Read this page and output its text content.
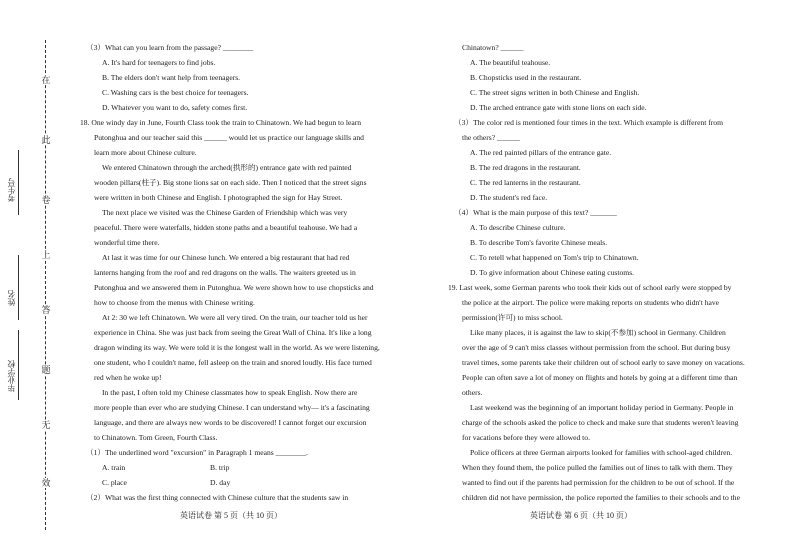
在
此
卷
上
答
题
无
效
考生号
姓名
毕业学校

（3）What can you learn from the passage? ________

A. It's hard for teenagers to find jobs.

B. The elders don't want help from teenagers.

C. Washing cars is the best choice for teenagers.

D. Whatever you want to do, safety comes first.

18. One windy day in June, Fourth Class took the train to Chinatown. We had begun to learn

Putonghua and our teacher said this ______ would let us practice our language skills and

learn more about Chinese culture.

We entered Chinatown through the arched(拱形的) entrance gate with red painted

wooden pillars(柱子). Big stone lions sat on each side. Then I noticed that the street signs

were written in both Chinese and English. I photographed the sign for Hay Street.

The next place we visited was the Chinese Garden of Friendship which was very

peaceful. There were waterfalls, hidden stone paths and a beautiful teahouse. We had a

wonderful time there.

At last it was time for our Chinese lunch. We entered a big restaurant that had red

lanterns hanging from the roof and red dragons on the walls. The waiters greeted us in

Putonghua and we answered them in Putonghua. We were shown how to use chopsticks and

how to choose from the menus with Chinese writing.

At 2: 30 we left Chinatown. We were all very tired. On the train, our teacher told us her

experience in China. She was just back from seeing the Great Wall of China. It's like a long

dragon winding its way. We were told it is the longest wall in the world. As we were listening,

one student, who I couldn't name, fell asleep on the train and snored loudly. His face turned

red when he woke up!

In the past, I often told my Chinese classmates how to speak English. Now there are

more people than ever who are studying Chinese. I can understand why— it's a fascinating

language, and there are always new words to be discovered! I cannot forget our excursion

to Chinatown. Tom Green, Fourth Class.

（1）The underlined word "excursion" in Paragraph 1 means ________.

A. train	B. trip

C. place	D. day

（2）What was the first thing connected with Chinese culture that the students saw in

Chinatown? ______

A. The beautiful teahouse.

B. Chopsticks used in the restaurant.

C. The street signs written in both Chinese and English.

D. The arched entrance gate with stone lions on each side.

（3）The color red is mentioned four times in the text. Which example is different from

the others? ______

A. The red painted pillars of the entrance gate.

B. The red dragons in the restaurant.

C. The red lanterns in the restaurant.

D. The student's red face.

（4）What is the main purpose of this text? _______

A. To describe Chinese culture.

B. To describe Tom's favorite Chinese meals.

C. To retell what happened on Tom's trip to Chinatown.

D. To give information about Chinese eating customs.

19. Last week, some German parents who took their kids out of school early were stopped by

the police at the airport. The police were making reports on students who didn't have

permission(许可) to miss school.

Like many places, it is against the law to skip(不参加) school in Germany. Children

over the age of 9 can't miss classes without permission from the school. But during busy

travel times, some parents take their children out of school early to save money on vacations.

People can often save a lot of money on flights and hotels by going at a different time than

others.

Last weekend was the beginning of an important holiday period in Germany. People in

charge of the schools asked the police to check and make sure that students weren't leaving

for vacations before they were allowed to.

Police officers at three German airports looked for families with school-aged children.

When they found them, the police pulled the families out of lines to talk with them. They

wanted to find out if the parents had permission for the children to be out of school. If the

children did not have permission, the police reported the families to their schools and to the

英语试卷 第 5 页（共 10 页）	英语试卷 第 6 页（共 10 页）
